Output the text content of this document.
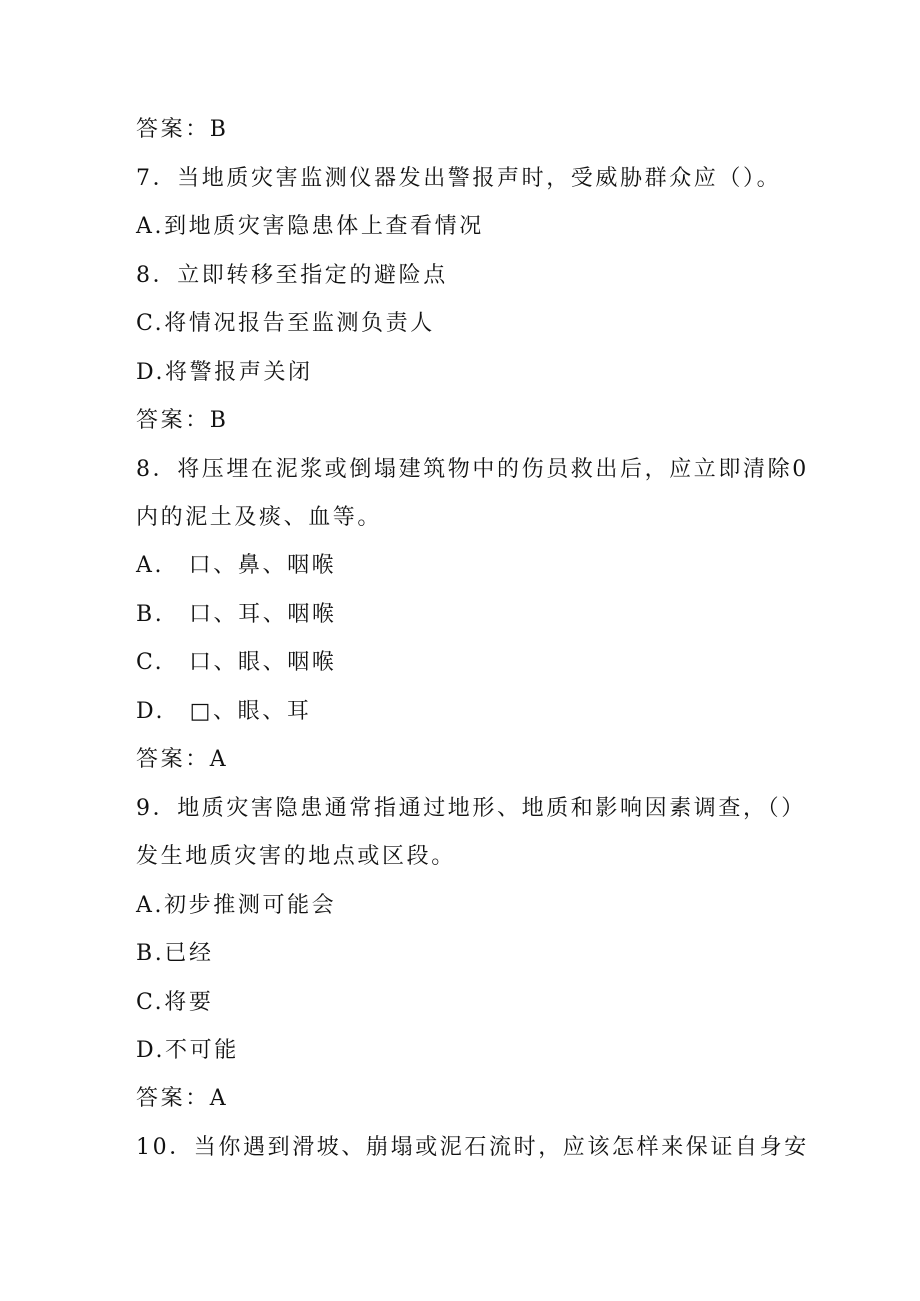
答案：B
7．当地质灾害监测仪器发出警报声时，受威胁群众应（）。
A.到地质灾害隐患体上查看情况
8．立即转移至指定的避险点
C.将情况报告至监测负责人
D.将警报声关闭
答案：B
8．将压埋在泥浆或倒塌建筑物中的伤员救出后，应立即清除0
内的泥土及痰、血等。
A.　口、鼻、咽喉
B.　口、耳、咽喉
C.　口、眼、咽喉
D.　□、眼、耳
答案：A
9．地质灾害隐患通常指通过地形、地质和影响因素调查，（）
发生地质灾害的地点或区段。
A.初步推测可能会
B.已经
C.将要
D.不可能
答案：A
10．当你遇到滑坡、崩塌或泥石流时，应该怎样来保证自身安
